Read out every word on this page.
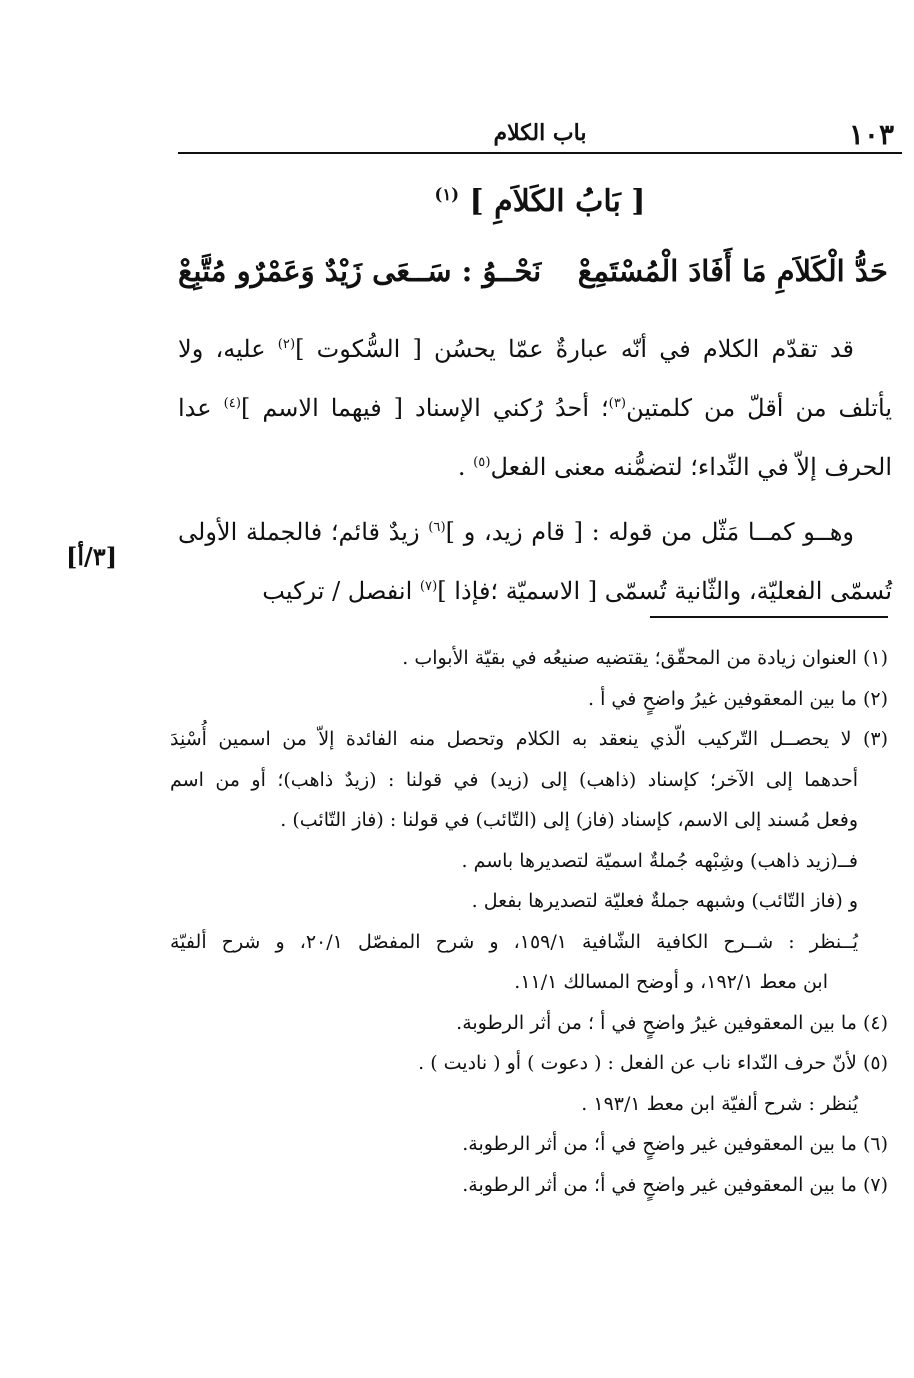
١٠٣
باب الكلام
[ بَابُ الكَلاَمِ ] $^{(١)}$
حَدُّ الْكَلاَمِ مَا أَفَادَ الْمُسْتَمِعْ
نَحْــوُ : سَــعَى زَيْدٌ وَعَمْرٌو مُتَّبِعْ

قد تقدّم الكلام في أنّه عبارةٌ عمّا يحسُن [ السُّكوت ]$^{(٢)}$ عليه، ولا يأتلف من أقلّ من كلمتين$^{(٣)}$؛ أحدُ رُكني الإسناد [ فيهما الاسم ]$^{(٤)}$ عدا الحرف إلاّ في النِّداء؛ لتضمُّنه معنى الفعل$^{(٥)}$ .

وهــو كمــا مَثّل من قوله : [ قام زيد، و ]$^{(٦)}$ زيدٌ قائم؛ فالجملة الأولى تُسمّى الفعليّة، والثّانية تُسمّى [ الاسميّة ؛فإذا ]$^{(٧)}$ انفصل / تركيب

[٣/أ]
(١) العنوان زيادة من المحقّق؛ يقتضيه صنيعُه في بقيّة الأبواب .
(٢) ما بين المعقوفين غيرُ واضحٍ في أ .
(٣) لا يحصــل التّركيب الّذي ينعقد به الكلام وتحصل منه الفائدة إلاّ من اسمين أُسْنِدَ
أحدهما إلى الآخر؛ كإسناد (ذاهب) إلى (زيد) في قولنا : (زيدٌ ذاهب)؛ أو من اسم
وفعل مُسند إلى الاسم، كإسناد (فاز) إلى (التّائب) في قولنا : (فاز التّائب) .
فــ(زيد ذاهب) وشِبْهه جُملةٌ اسميّة لتصديرها باسم .
و (فاز التّائب) وشبهه جملةٌ فعليّة لتصديرها بفعل .
يُــنظر : شــرح الكافية الشّافية ١٥٩/١، و شرح المفصّل ٢٠/١، و شرح ألفيّة
ابن معط ١٩٢/١، و أوضح المسالك ١١/١.
(٤) ما بين المعقوفين غيرُ واضحٍ في أ ؛ من أثر الرطوبة.
(٥) لأنّ حرف النّداء ناب عن الفعل : ( دعوت ) أو ( ناديت ) .
يُنظر : شرح ألفيّة ابن معط ١٩٣/١ .
(٦) ما بين المعقوفين غير واضحٍ في أ؛ من أثر الرطوبة.
(٧) ما بين المعقوفين غير واضحٍ في أ؛ من أثر الرطوبة.
